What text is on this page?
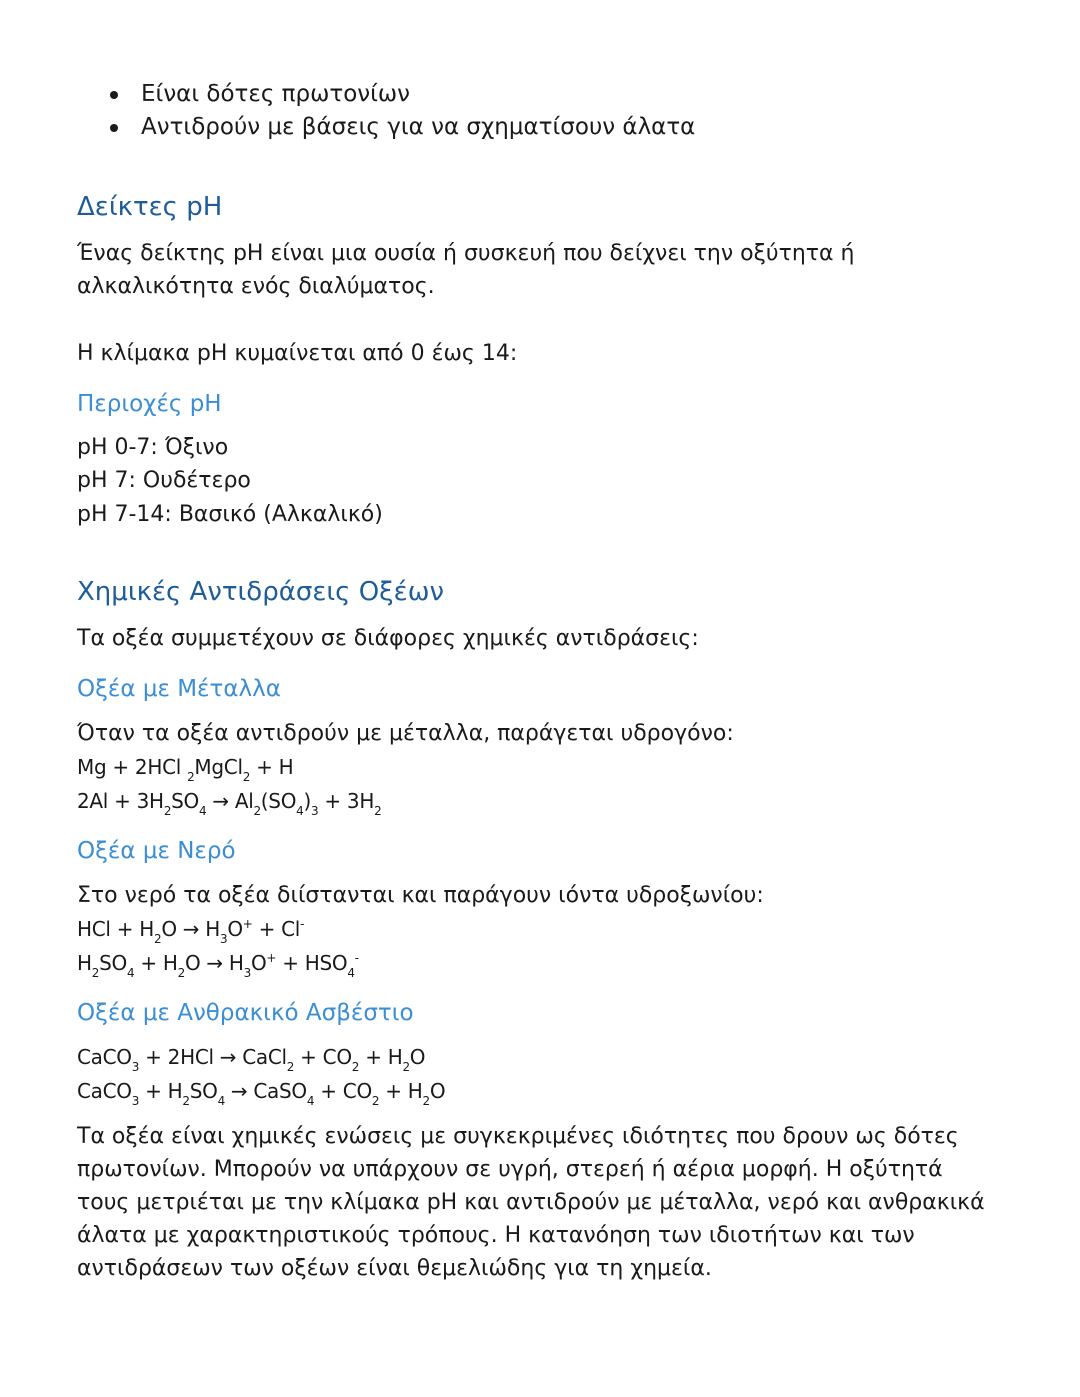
Είναι δότες πρωτονίων
Αντιδρούν με βάσεις για να σχηματίσουν άλατα
Δείκτες pH

Ένας δείκτης pH είναι μια ουσία ή συσκευή που δείχνει την οξύτητα ή

αλκαλικότητα ενός διαλύματος.

Η κλίμακα pH κυμαίνεται από 0 έως 14:

Περιοχές pH

pH 0-7: Όξινο

pH 7: Ουδέτερο

pH 7-14: Βασικό (Αλκαλικό)

Χημικές Αντιδράσεις Οξέων

Τα οξέα συμμετέχουν σε διάφορες χημικές αντιδράσεις:

Οξέα με Μέταλλα

Όταν τα οξέα αντιδρούν με μέταλλα, παράγεται υδρογόνο:

Mg + 2HCl $_2$MgCl$_2$ + H
$2Al + 3H_2SO_4 \to Al_2(SO_4)_3 + 3H_2$
Οξέα με Νερό

Στο νερό τα οξέα διίστανται και παράγουν ιόντα υδροξωνίου:

HCl + $H_2O \to H_3O^+ + Cl^-$
$H_2SO_4 + H_2O \to H_3O^+ + HSO_4^-$
Οξέα με Ανθρακικό Ασβέστιο
CaCO$_3$ + 2HCl → CaCl$_2$ + $CO_2 + H_2O$
CaCO$_3$ + $H_2SO_4$ → CaSO$_4$ + $CO_2 + H_2O$

Τα οξέα είναι χημικές ενώσεις με συγκεκριμένες ιδιότητες που δρουν ως δότες

πρωτονίων. Μπορούν να υπάρχουν σε υγρή, στερεή ή αέρια μορφή. Η οξύτητά

τους μετριέται με την κλίμακα pH και αντιδρούν με μέταλλα, νερό και ανθρακικά

άλατα με χαρακτηριστικούς τρόπους. Η κατανόηση των ιδιοτήτων και των

αντιδράσεων των οξέων είναι θεμελιώδης για τη χημεία.
